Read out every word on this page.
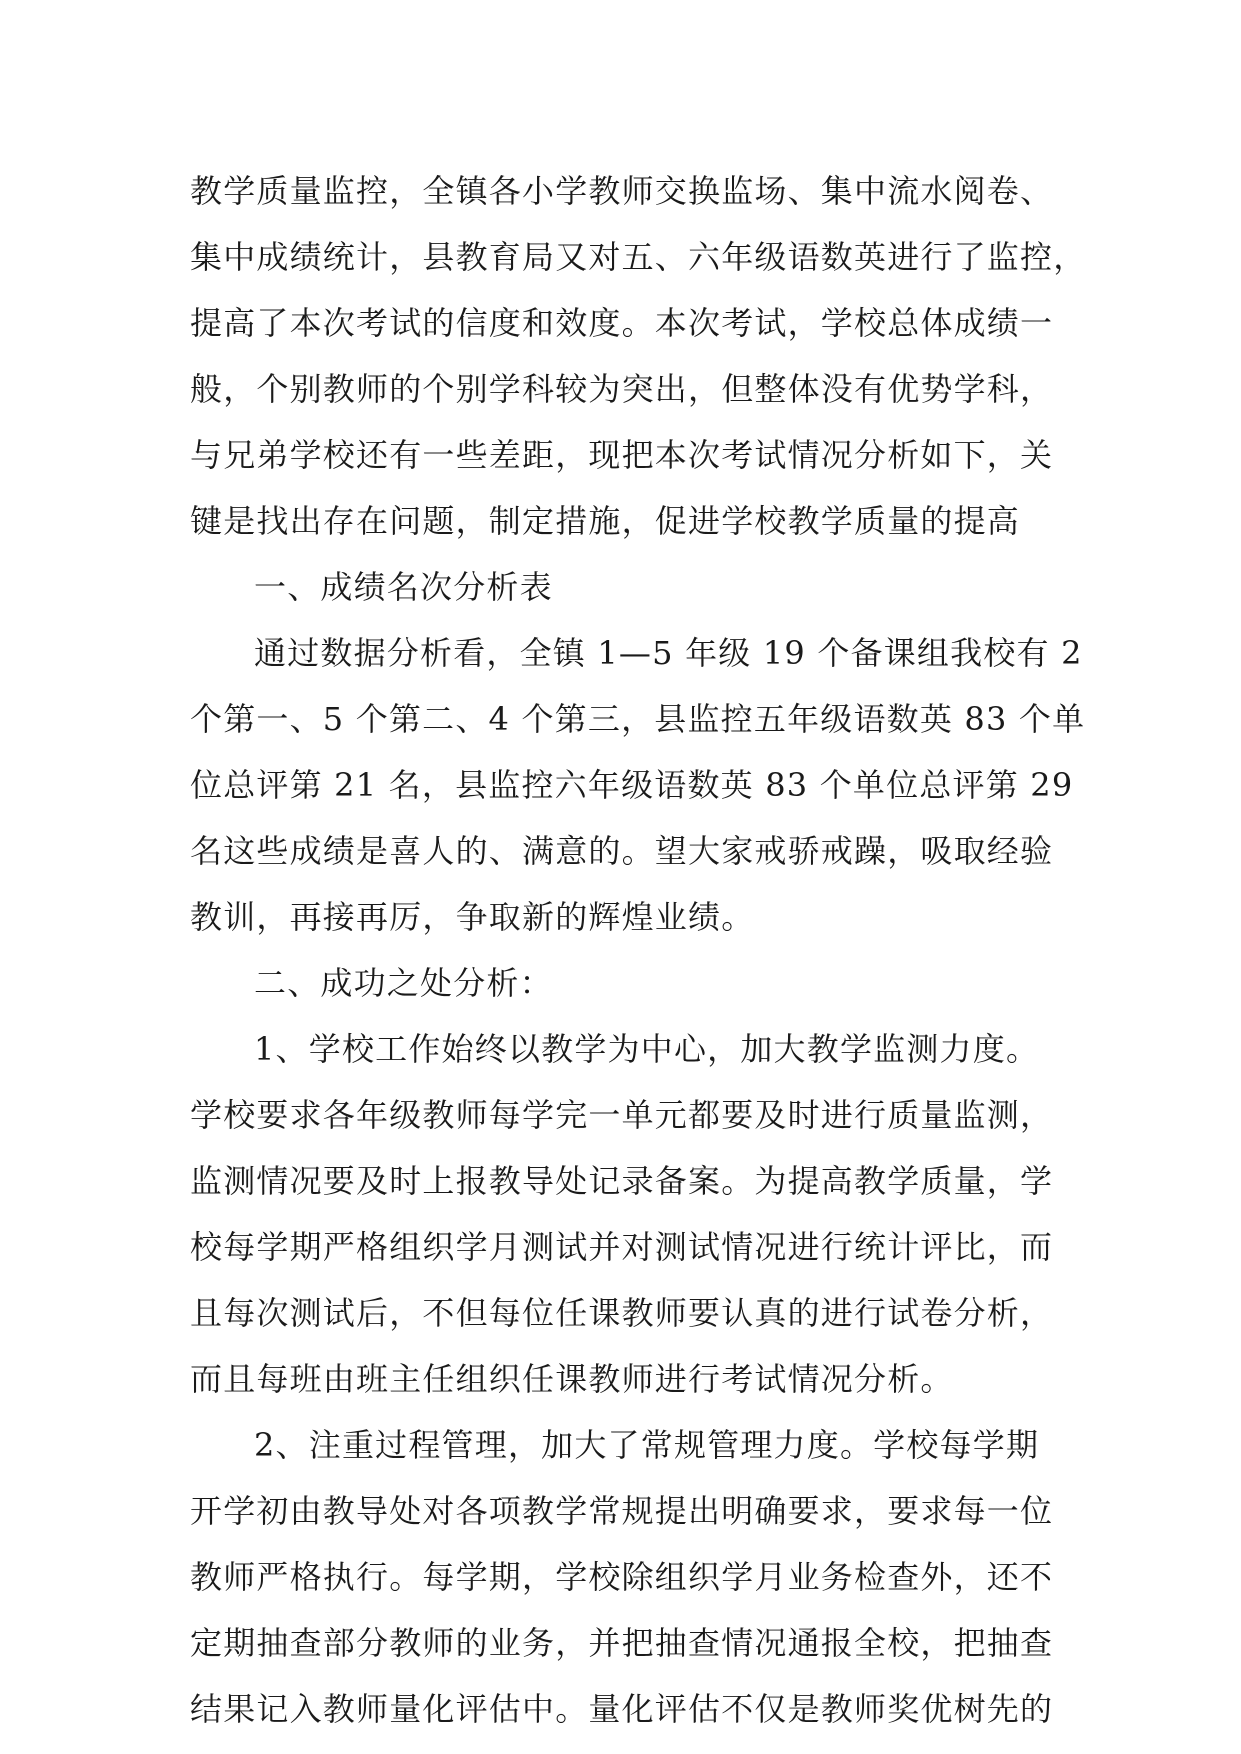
教学质量监控，全镇各小学教师交换监场、集中流水阅卷、
集中成绩统计，县教育局又对五、六年级语数英进行了监控，
提高了本次考试的信度和效度。本次考试，学校总体成绩一
般，个别教师的个别学科较为突出，但整体没有优势学科，
与兄弟学校还有一些差距，现把本次考试情况分析如下，关
键是找出存在问题，制定措施，促进学校教学质量的提高
一、成绩名次分析表
通过数据分析看，全镇 1—5 年级 19 个备课组我校有 2
个第一、5 个第二、4 个第三，县监控五年级语数英 83 个单
位总评第 21 名，县监控六年级语数英 83 个单位总评第 29
名这些成绩是喜人的、满意的。望大家戒骄戒躁，吸取经验
教训，再接再厉，争取新的辉煌业绩。
二、成功之处分析：
1、学校工作始终以教学为中心，加大教学监测力度。
学校要求各年级教师每学完一单元都要及时进行质量监测，
监测情况要及时上报教导处记录备案。为提高教学质量，学
校每学期严格组织学月测试并对测试情况进行统计评比，而
且每次测试后，不但每位任课教师要认真的进行试卷分析，
而且每班由班主任组织任课教师进行考试情况分析。
2、注重过程管理，加大了常规管理力度。学校每学期
开学初由教导处对各项教学常规提出明确要求，要求每一位
教师严格执行。每学期，学校除组织学月业务检查外，还不
定期抽查部分教师的业务，并把抽查情况通报全校，把抽查
结果记入教师量化评估中。量化评估不仅是教师奖优树先的
